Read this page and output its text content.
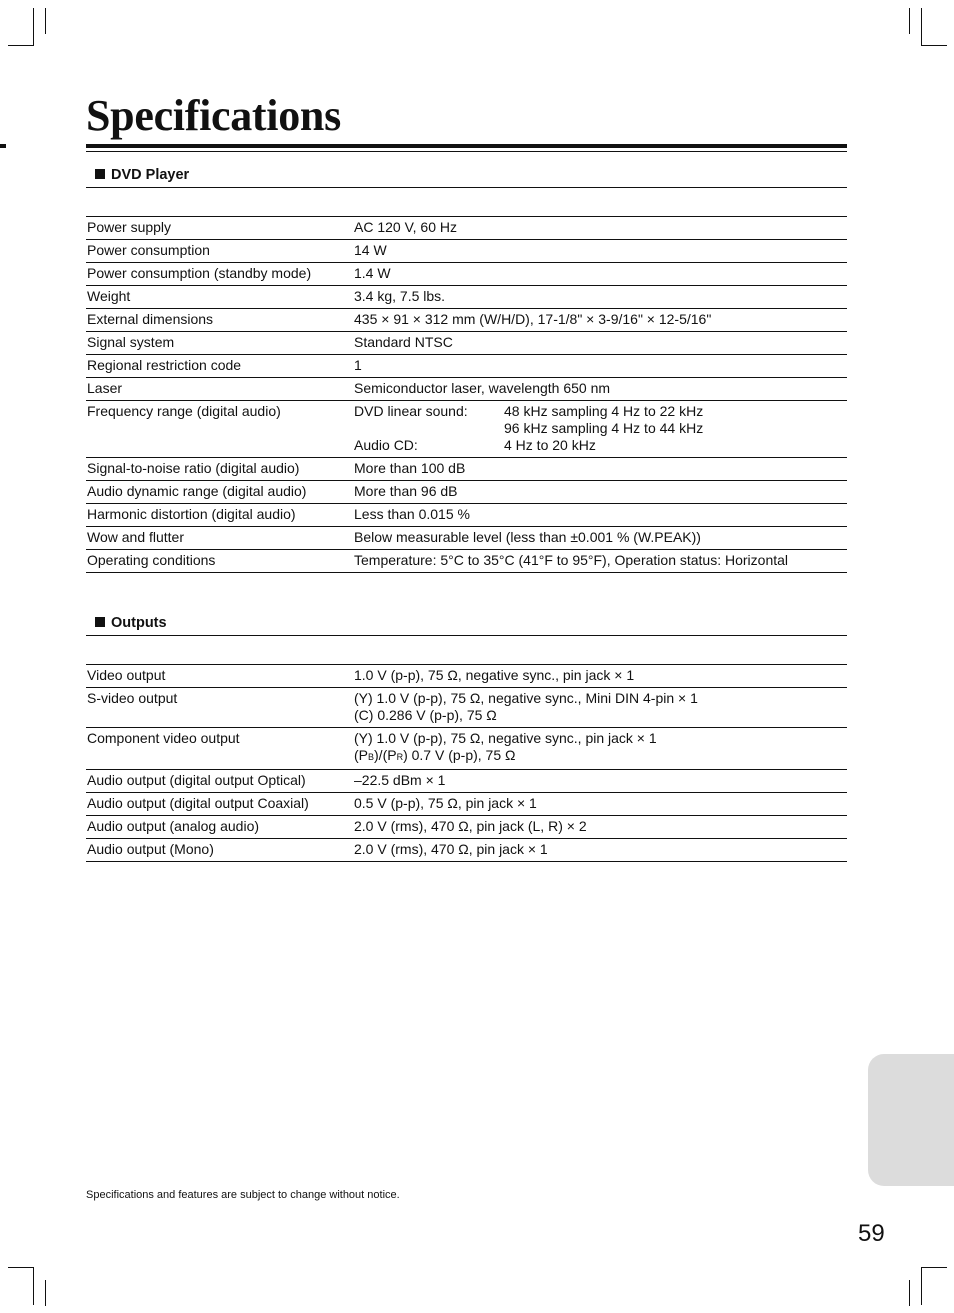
Specifications
DVD Player
Power supply	AC 120 V, 60 Hz
Power consumption	14 W
Power consumption (standby mode)	1.4 W
Weight	3.4 kg, 7.5 lbs.
External dimensions	435 × 91 × 312 mm (W/H/D), 17-1/8" × 3-9/16" × 12-5/16"
Signal system	Standard NTSC
Regional restriction code	1
Laser	Semiconductor laser, wavelength 650 nm
Frequency range (digital audio)	DVD linear sound: 48 kHz sampling 4 Hz to 22 kHz
96 kHz sampling 4 Hz to 44 kHz
Audio CD: 4 Hz to 20 kHz

Signal-to-noise ratio (digital audio)	More than 100 dB
Audio dynamic range (digital audio)	More than 96 dB
Harmonic distortion (digital audio)	Less than 0.015 %
Wow and flutter	Below measurable level (less than ±0.001 % (W.PEAK))
Operating conditions	Temperature: 5°C to 35°C (41°F to 95°F), Operation status: Horizontal
Outputs
Video output	1.0 V (p-p), 75 Ω, negative sync., pin jack × 1
S-video output	(Y) 1.0 V (p-p), 75 Ω, negative sync., Mini DIN 4-pin × 1
(C) 0.286 V (p-p), 75 Ω

Component video output	(Y) 1.0 V (p-p), 75 Ω, negative sync., pin jack × 1
(PB)/(PR) 0.7 V (p-p), 75 Ω

Audio output (digital output Optical)	–22.5 dBm × 1
Audio output (digital output Coaxial)	0.5 V (p-p), 75 Ω, pin jack × 1
Audio output (analog audio)	2.0 V (rms), 470 Ω, pin jack (L, R) × 2
Audio output (Mono)	2.0 V (rms), 470 Ω, pin jack × 1
Specifications and features are subject to change without notice.
59
